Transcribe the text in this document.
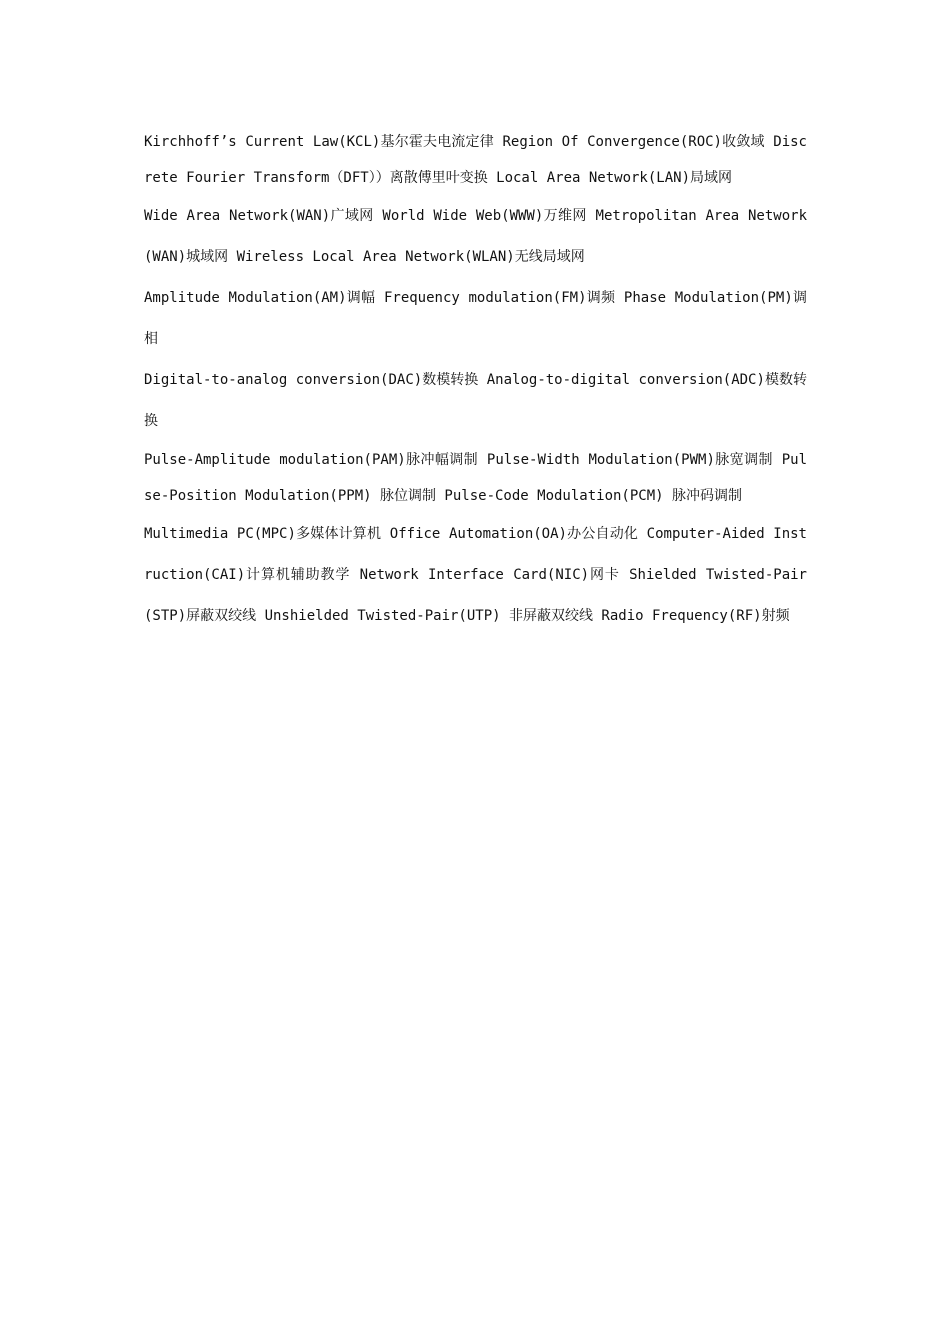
Kirchhoff’s Current Law(KCL)基尔霍夫电流定律 Region Of Convergence(ROC)收敛域 Discrete Fourier Transform（DFT））离散傅里叶变换 Local Area Network(LAN)局域网

Wide Area Network(WAN)广域网 World Wide Web(WWW)万维网 Metropolitan Area Network(WAN)城域网 Wireless Local Area Network(WLAN)无线局域网

Amplitude Modulation(AM)调幅 Frequency modulation(FM)调频 Phase Modulation(PM)调相

Digital-to-analog conversion(DAC)数模转换 Analog-to-digital conversion(ADC)模数转换

Pulse-Amplitude modulation(PAM)脉冲幅调制 Pulse-Width Modulation(PWM)脉宽调制 Pulse-Position Modulation(PPM) 脉位调制 Pulse-Code Modulation(PCM) 脉冲码调制

Multimedia PC(MPC)多媒体计算机 Office Automation(OA)办公自动化 Computer-Aided Instruction(CAI)计算机辅助教学 Network Interface Card(NIC)网卡 Shielded Twisted-Pair(STP)屏蔽双绞线 Unshielded Twisted-Pair(UTP) 非屏蔽双绞线 Radio Frequency(RF)射频
